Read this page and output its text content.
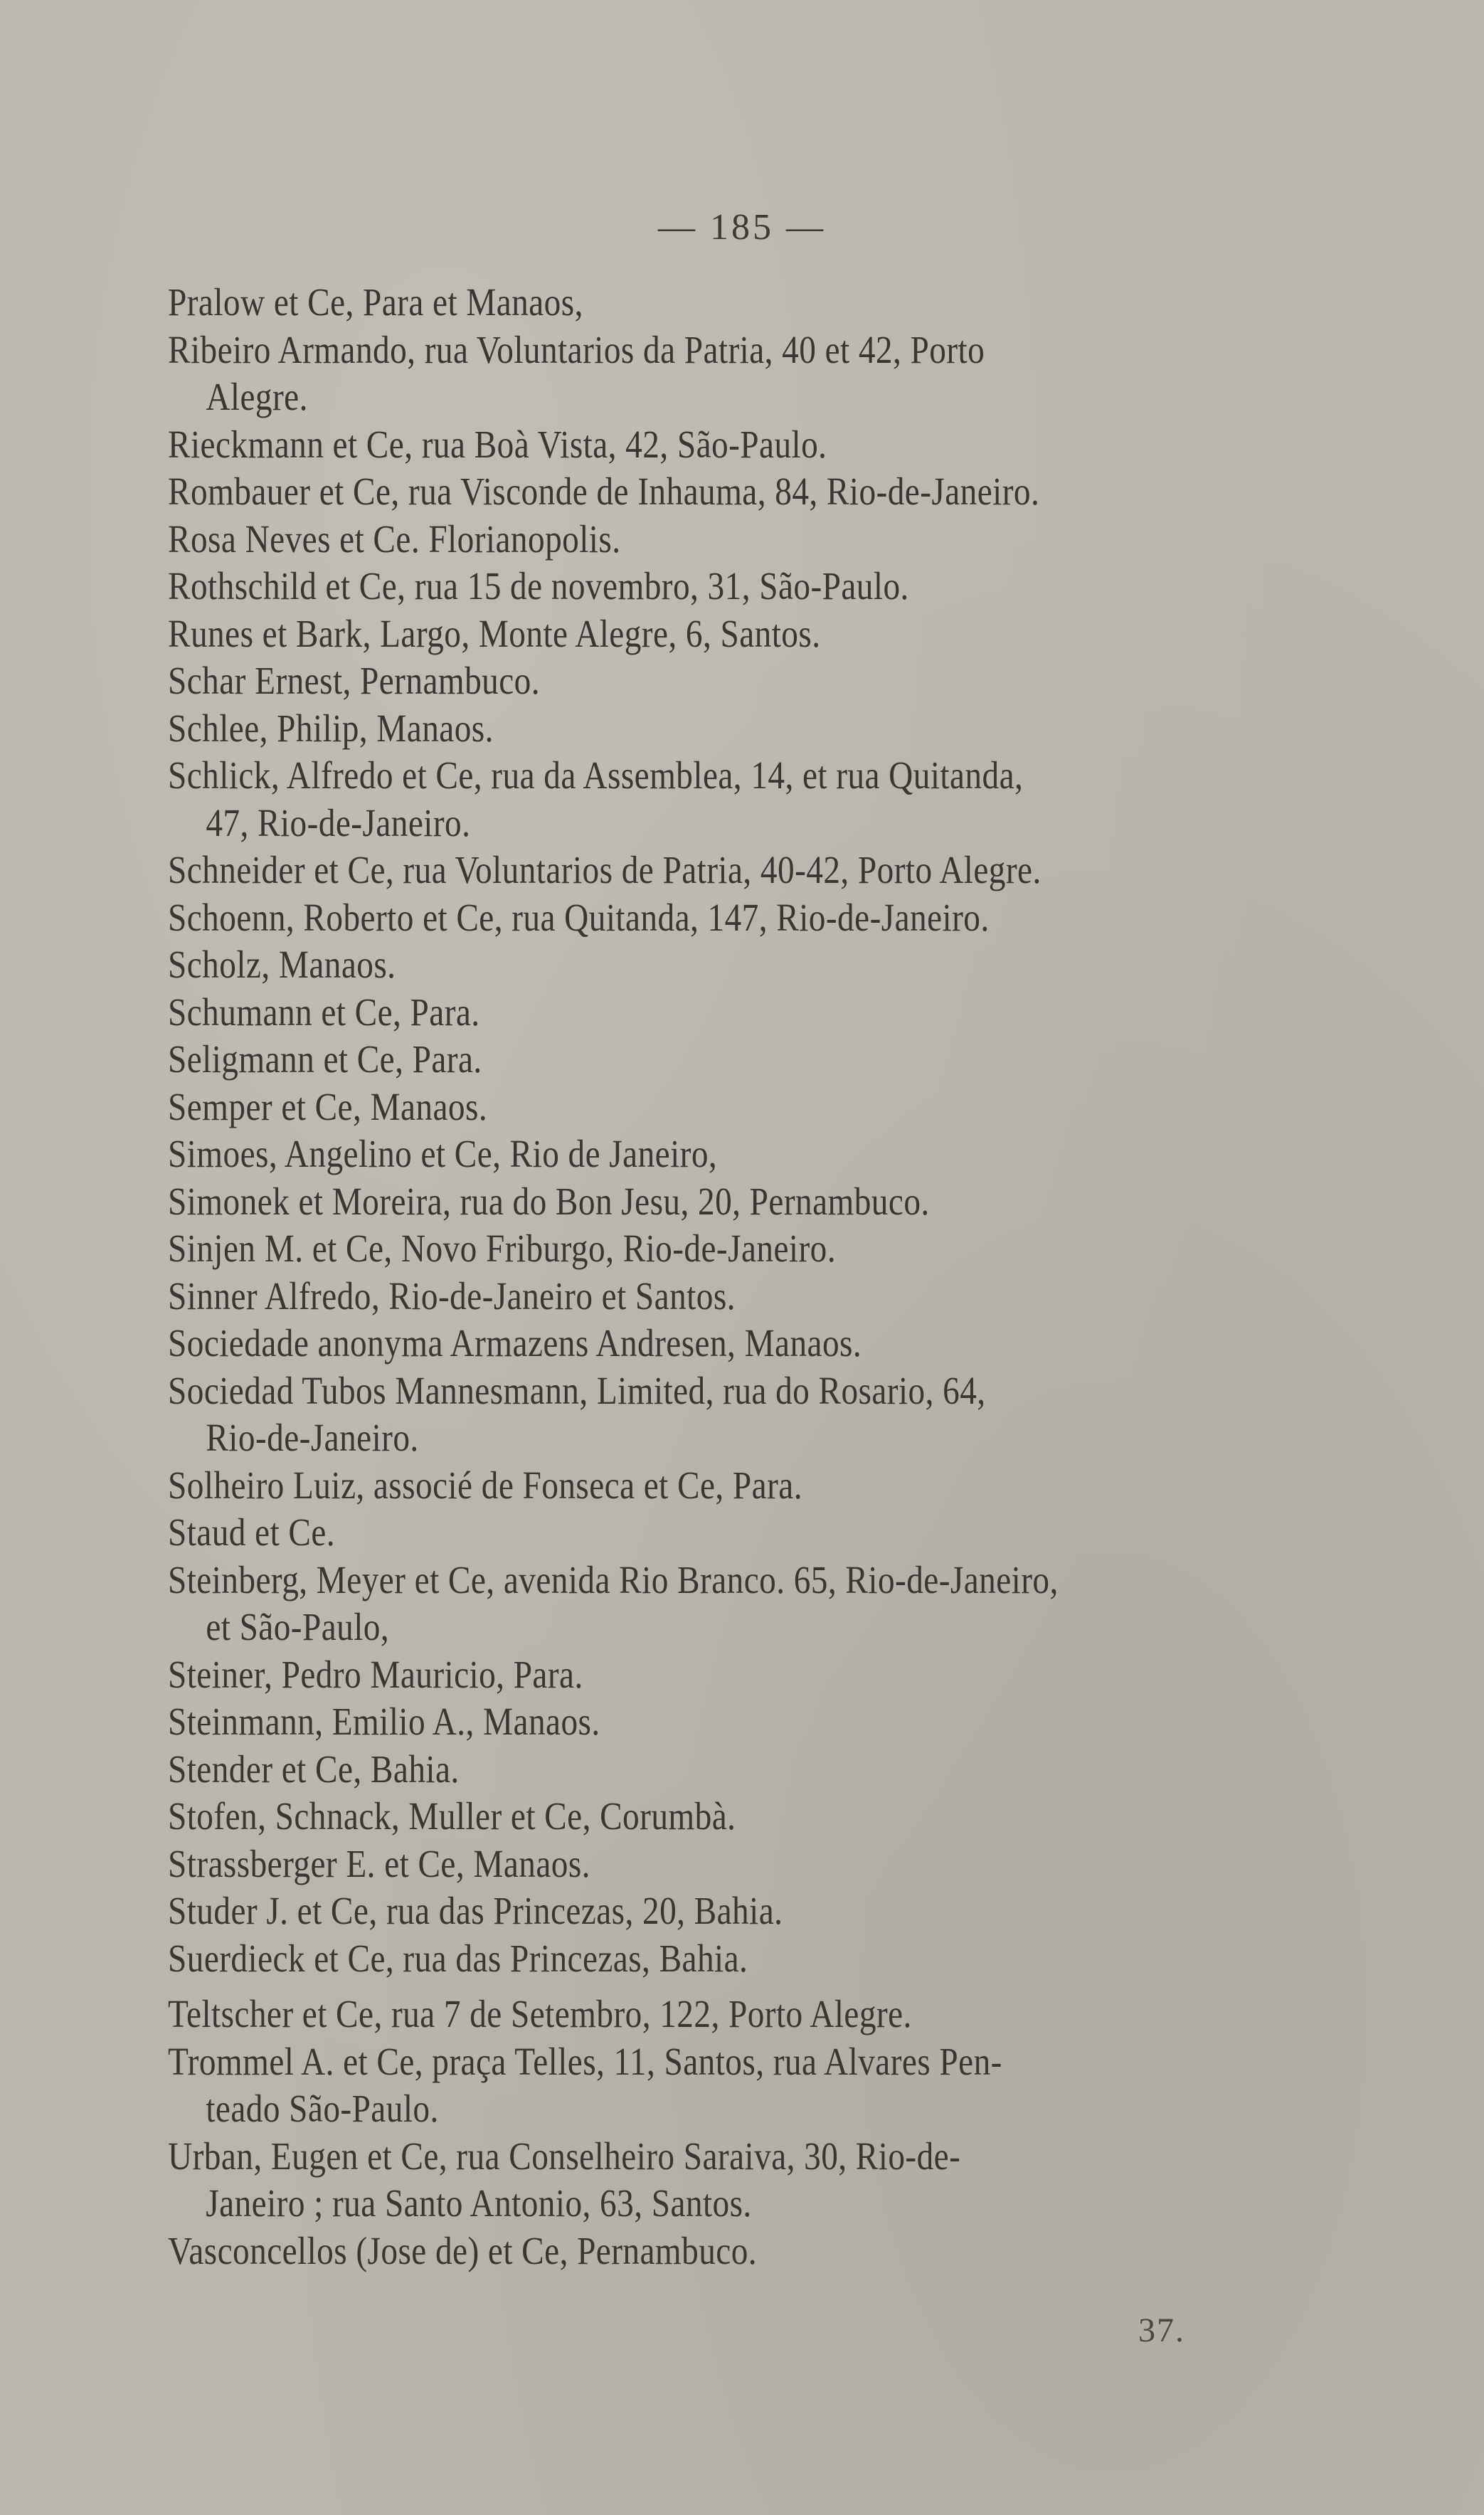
— 185 —
Pralow et Ce, Para et Manaos,
Ribeiro Armando, rua Voluntarios da Patria, 40 et 42, Porto
Alegre.
Rieckmann et Ce, rua Boà Vista, 42, São-Paulo.
Rombauer et Ce, rua Visconde de Inhauma, 84, Rio-de-Janeiro.
Rosa Neves et Ce. Florianopolis.
Rothschild et Ce, rua 15 de novembro, 31, São-Paulo.
Runes et Bark, Largo, Monte Alegre, 6, Santos.
Schar Ernest, Pernambuco.
Schlee, Philip, Manaos.
Schlick, Alfredo et Ce, rua da Assemblea, 14, et rua Quitanda,
47, Rio-de-Janeiro.
Schneider et Ce, rua Voluntarios de Patria, 40-42, Porto Alegre.
Schoenn, Roberto et Ce, rua Quitanda, 147, Rio-de-Janeiro.
Scholz, Manaos.
Schumann et Ce, Para.
Seligmann et Ce, Para.
Semper et Ce, Manaos.
Simoes, Angelino et Ce, Rio de Janeiro,
Simonek et Moreira, rua do Bon Jesu, 20, Pernambuco.
Sinjen M. et Ce, Novo Friburgo, Rio-de-Janeiro.
Sinner Alfredo, Rio-de-Janeiro et Santos.
Sociedade anonyma Armazens Andresen, Manaos.
Sociedad Tubos Mannesmann, Limited, rua do Rosario, 64,
Rio-de-Janeiro.
Solheiro Luiz, associé de Fonseca et Ce, Para.
Staud et Ce.
Steinberg, Meyer et Ce, avenida Rio Branco. 65, Rio-de-Janeiro,
et São-Paulo,
Steiner, Pedro Mauricio, Para.
Steinmann, Emilio A., Manaos.
Stender et Ce, Bahia.
Stofen, Schnack, Muller et Ce, Corumbà.
Strassberger E. et Ce, Manaos.
Studer J. et Ce, rua das Princezas, 20, Bahia.
Suerdieck et Ce, rua das Princezas, Bahia.
Teltscher et Ce, rua 7 de Setembro, 122, Porto Alegre.
Trommel A. et Ce, praça Telles, 11, Santos, rua Alvares Pen-
teado São-Paulo.
Urban, Eugen et Ce, rua Conselheiro Saraiva, 30, Rio-de-
Janeiro ; rua Santo Antonio, 63, Santos.
Vasconcellos (Jose de) et Ce, Pernambuco.
37.
